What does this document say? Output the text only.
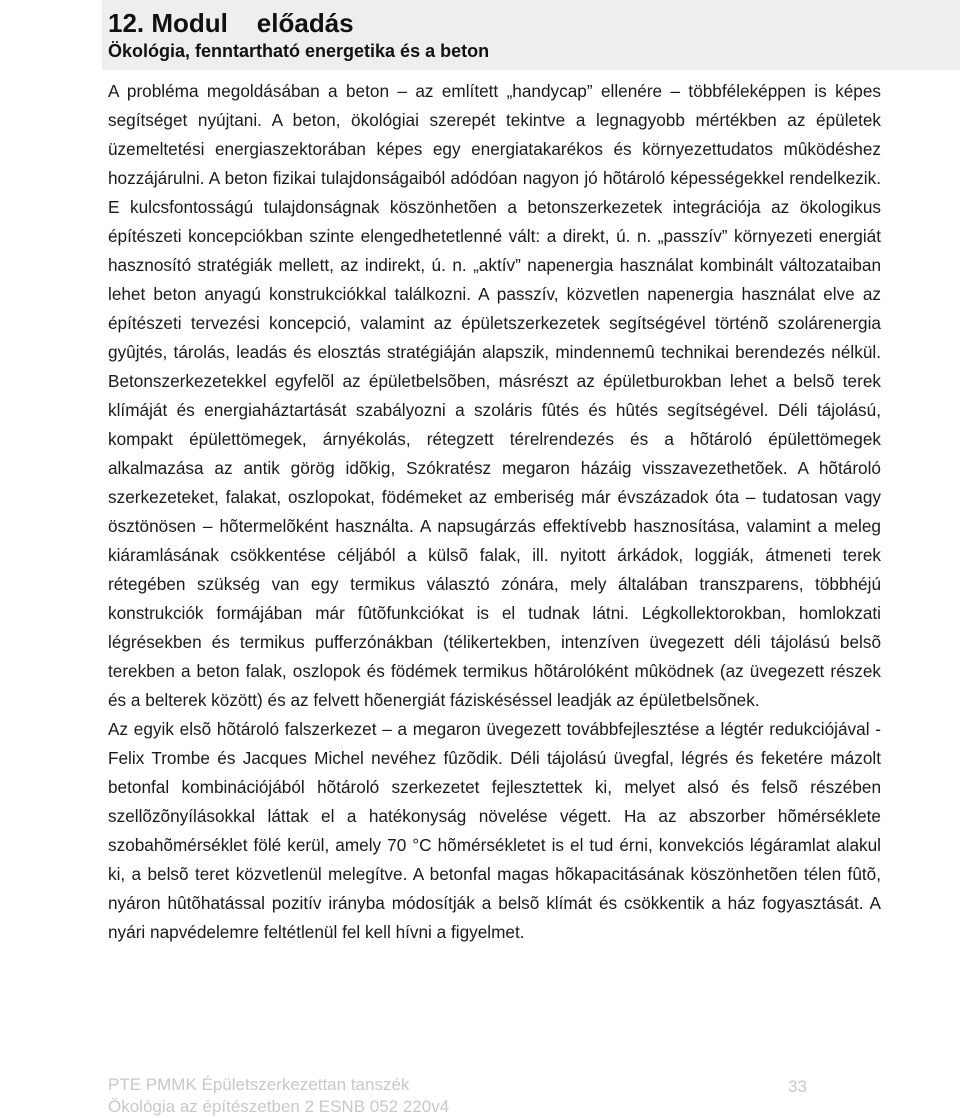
12. Modul    előadás
Ökológia, fenntartható energetika és a beton

A probléma megoldásában a beton – az említett „handycap” ellenére – többféleképpen is képes segítséget nyújtani. A beton, ökológiai szerepét tekintve a legnagyobb mértékben az épületek üzemeltetési energiaszektorában képes egy energiatakarékos és környezettudatos mûködéshez hozzájárulni. A beton fizikai tulajdonságaiból adódóan nagyon jó hõtároló képességekkel rendelkezik. E kulcsfontosságú tulajdonságnak köszönhetõen a betonszerkezetek integrációja az ökologikus építészeti koncepciókban szinte elengedhetetlenné vált: a direkt, ú. n. „passzív” környezeti energiát hasznosító stratégiák mellett, az indirekt, ú. n. „aktív” napenergia használat kombinált változataiban lehet beton anyagú konstrukciókkal találkozni. A passzív, közvetlen napenergia használat elve az építészeti tervezési koncepció, valamint az épületszerkezetek segítségével történõ szolárenergia gyûjtés, tárolás, leadás és elosztás stratégiáján alapszik, mindennemû technikai berendezés nélkül. Betonszerkezetekkel egyfelõl az épületbelsõben, másrészt az épületburokban lehet a belsõ terek klímáját és energiaháztartását szabályozni a szoláris fûtés és hûtés segítségével. Déli tájolású, kompakt épülettömegek, árnyékolás, rétegzett térelrendezés és a hõtároló épülettömegek alkalmazása az antik görög idõkig, Szókratész megaron házáig visszavezethetõek. A hõtároló szerkezeteket, falakat, oszlopokat, födémeket az emberiség már évszázadok óta – tudatosan vagy ösztönösen – hõtermelõként használta. A napsugárzás effektívebb hasznosítása, valamint a meleg kiáramlásának csökkentése céljából a külsõ falak, ill. nyitott árkádok, loggiák, átmeneti terek rétegében szükség van egy termikus választó zónára, mely általában transzparens, többhéjú konstrukciók formájában már fûtõfunkciókat is el tudnak látni. Légkollektorokban, homlokzati légrésekben és termikus pufferzónákban (télikertekben, intenzíven üvegezett déli tájolású belsõ terekben a beton falak, oszlopok és födémek termikus hõtárolóként mûködnek (az üvegezett részek és a belterek között) és az felvett hõenergiát fáziskéséssel leadják az épületbelsõnek.

Az egyik elsõ hõtároló falszerkezet – a megaron üvegezett továbbfejlesztése a légtér redukciójával - Felix Trombe és Jacques Michel nevéhez fûzõdik. Déli tájolású üvegfal, légrés és feketére mázolt betonfal kombinációjából hõtároló szerkezetet fejlesztettek ki, melyet alsó és felsõ részében szellõzõnyílásokkal láttak el a hatékonyság növelése végett. Ha az abszorber hõmérséklete szobahõmérséklet fölé kerül, amely 70 °C hõmérsékletet is el tud érni, konvekciós légáramlat alakul ki, a belsõ teret közvetlenül melegítve. A betonfal magas hõkapacitásának köszönhetõen télen fûtõ, nyáron hûtõhatással pozitív irányba módosítják a belsõ klímát és csökkentik a ház fogyasztását. A nyári napvédelemre feltétlenül fel kell hívni a figyelmet.

PTE PMMK Épületszerkezettan tanszék
Ökológia az építészetben 2 ESNB 052 220v4
33
